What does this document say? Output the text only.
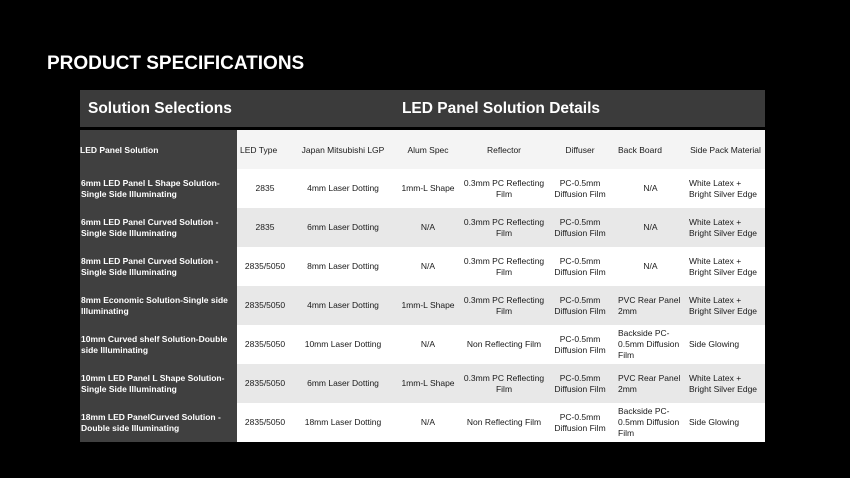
PRODUCT SPECIFICATIONS
Solution Selections	LED Panel Solution Details						
LED Panel Solution	LED Type	Japan Mitsubishi LGP	Alum Spec	Reflector	Diffuser	Back Board	Side Pack Material
6mm LED Panel L Shape Solution-Single Side Illuminating	2835	4mm Laser Dotting	1mm-L Shape	0.3mm PC Reflecting Film	PC-0.5mm Diffusion Film	N/A	White Latex + Bright Silver Edge
6mm LED Panel Curved Solution - Single Side Illuminating	2835	6mm Laser Dotting	N/A	0.3mm PC Reflecting Film	PC-0.5mm Diffusion Film	N/A	White Latex + Bright Silver Edge
8mm LED Panel Curved Solution - Single Side Illuminating	2835/5050	8mm Laser Dotting	N/A	0.3mm PC Reflecting Film	PC-0.5mm Diffusion Film	N/A	White Latex + Bright Silver Edge
8mm Economic Solution-Single side Illuminating	2835/5050	4mm Laser Dotting	1mm-L Shape	0.3mm PC Reflecting Film	PC-0.5mm Diffusion Film	PVC Rear Panel 2mm	White Latex + Bright Silver Edge
10mm Curved shelf Solution-Double side Illuminating	2835/5050	10mm Laser Dotting	N/A	Non Reflecting Film	PC-0.5mm Diffusion Film	Backside PC-0.5mm Diffusion Film	Side Glowing
10mm LED Panel L Shape Solution-Single Side Illuminating	2835/5050	6mm Laser Dotting	1mm-L Shape	0.3mm PC Reflecting Film	PC-0.5mm Diffusion Film	PVC Rear Panel 2mm	White Latex + Bright Silver Edge
18mm LED PanelCurved Solution - Double side Illuminating	2835/5050	18mm Laser Dotting	N/A	Non Reflecting Film	PC-0.5mm Diffusion Film	Backside PC-0.5mm Diffusion Film	Side Glowing
